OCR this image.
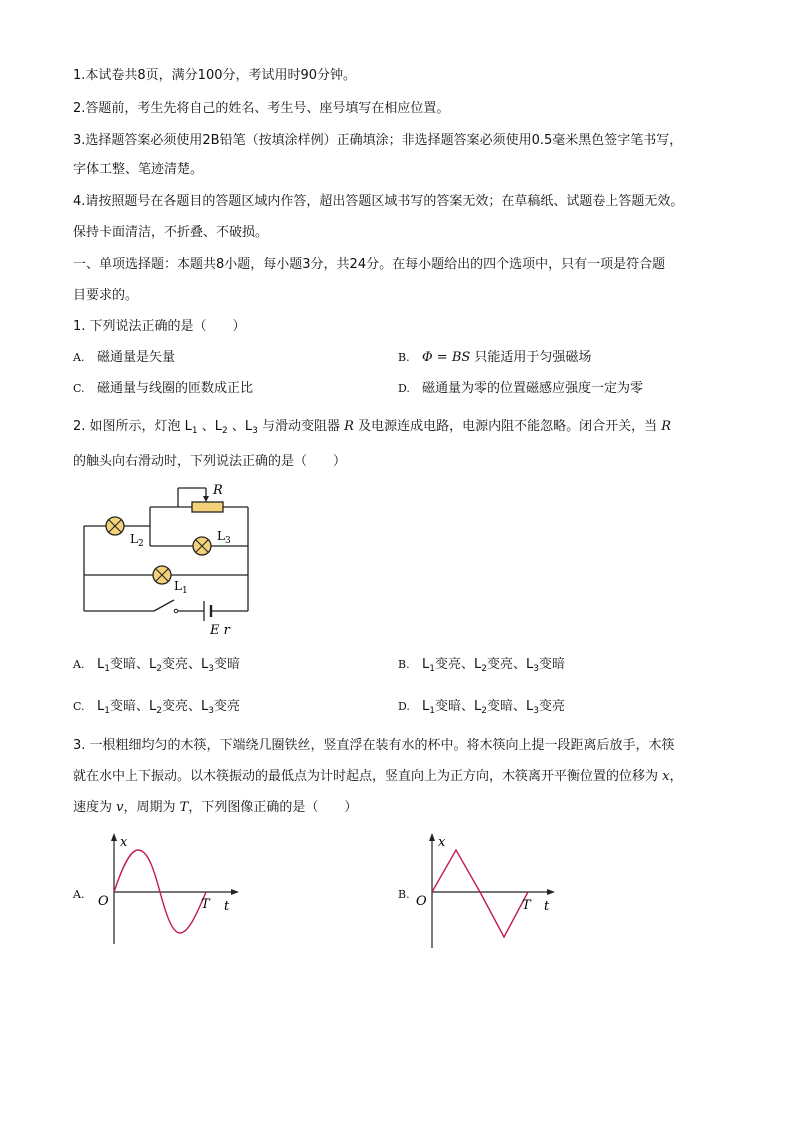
1.本试卷共8页，满分100分，考试用时90分钟。
2.答题前，考生先将自己的姓名、考生号、座号填写在相应位置。
3.选择题答案必须使用2B铅笔（按填涂样例）正确填涂；非选择题答案必须使用0.5毫米黑色签字笔书写，
字体工整、笔迹清楚。
4.请按照题号在各题目的答题区域内作答，超出答题区域书写的答案无效；在草稿纸、试题卷上答题无效。
保持卡面清洁，不折叠、不破损。
一、单项选择题：本题共8小题，每小题3分，共24分。在每小题给出的四个选项中，只有一项是符合题
目要求的。
1. 下列说法正确的是（　　）
A. 磁通量是矢量	B. Φ = BS 只能适用于匀强磁场
C. 磁通量与线圈的匝数成正比	D. 磁通量为零的位置磁感应强度一定为零
2. 如图所示，灯泡 $L_1$ 、$L_2$ 、$L_3$ 与滑动变阻器 R 及电源连成电路，电源内阻不能忽略。闭合开关，当 R
的触头向右滑动时，下列说法正确的是（　　）
R
$L_2$
$L_3$
$L_1$
E r
A. $L_1$变暗、$L_2$变亮、$L_3$变暗	B. $L_1$变亮、$L_2$变亮、$L_3$变暗
C. $L_1$变暗、$L_2$变亮、$L_3$变亮	D. $L_1$变暗、$L_2$变暗、$L_3$变亮
3. 一根粗细均匀的木筷，下端绕几圈铁丝，竖直浮在装有水的杯中。将木筷向上提一段距离后放手，木筷
就在水中上下振动。以木筷振动的最低点为计时起点，竖直向上为正方向，木筷离开平衡位置的位移为 x，
速度为 v，周期为 T，下列图像正确的是（　　）
A.
x
O	T t
B.
x
O	T t
